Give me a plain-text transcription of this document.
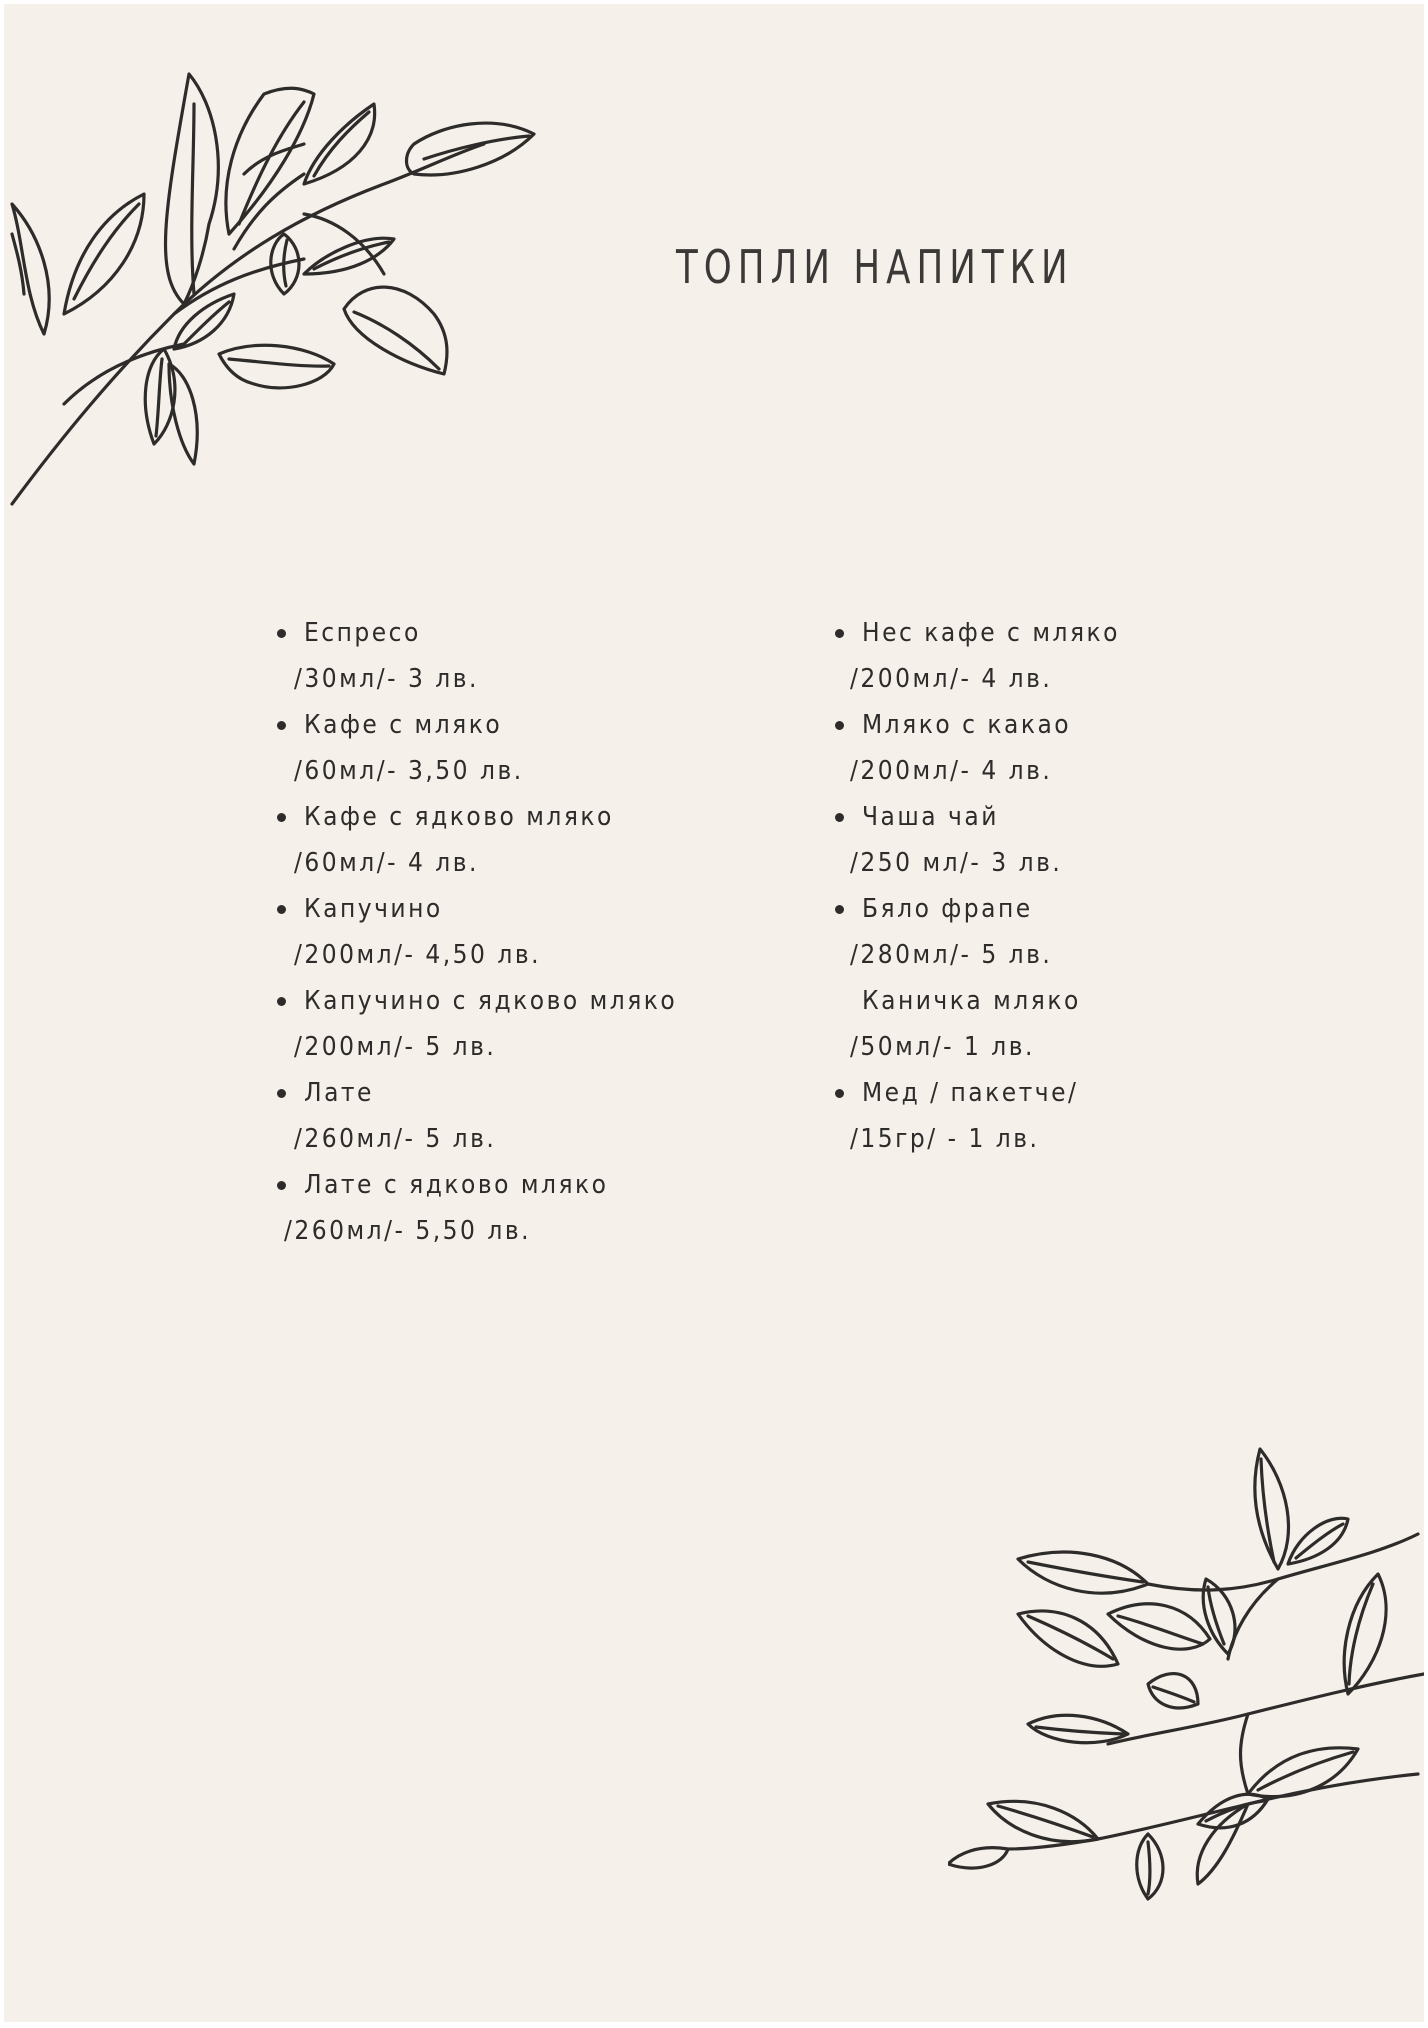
ТОПЛИ НАПИТКИ
Еспресо
/30мл/- 3 лв.
Кафе с мляко
/60мл/- 3,50 лв.
Кафе с ядково мляко
/60мл/- 4 лв.
Капучино
/200мл/- 4,50 лв.
Капучино с ядково мляко
/200мл/- 5 лв.
Лате
/260мл/- 5 лв.
Лате с ядково мляко
/260мл/- 5,50 лв.
Нес кафе с мляко
/200мл/- 4 лв.
Мляко с какао
/200мл/- 4 лв.
Чаша чай
/250 мл/- 3 лв.
Бяло фрапе
/280мл/- 5 лв.
Каничка мляко
/50мл/- 1 лв.
Мед / пакетче/
/15гр/ - 1 лв.
